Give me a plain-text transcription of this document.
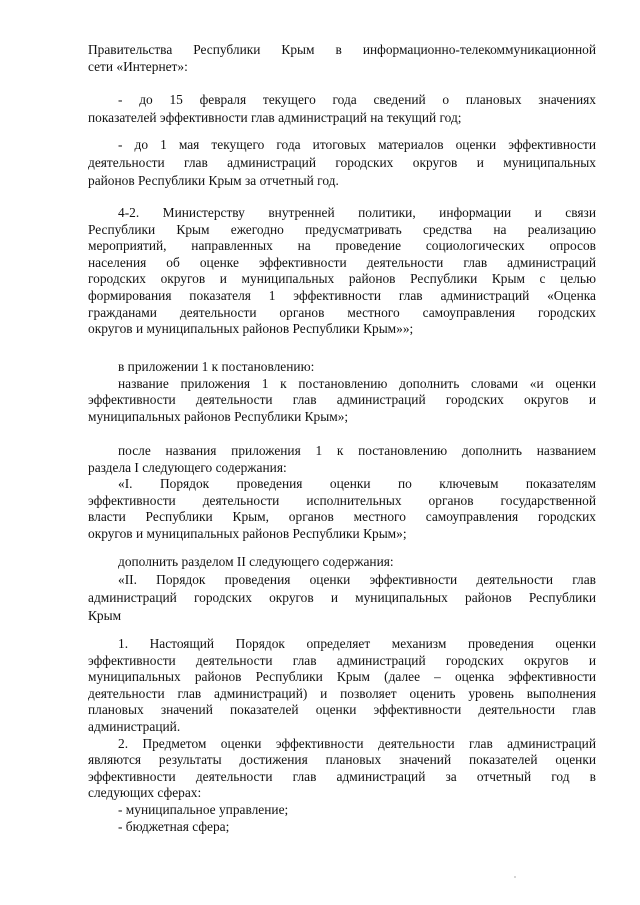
Правительства Республики Крым в информационно-телекоммуникационной
сети «Интернет»:
- до 15 февраля текущего года сведений о плановых значениях
показателей эффективности глав администраций на текущий год;
- до 1 мая текущего года итоговых материалов оценки эффективности
деятельности глав администраций городских округов и муниципальных
районов Республики Крым за отчетный год.
4-2. Министерству внутренней политики, информации и связи
Республики Крым ежегодно предусматривать средства на реализацию
мероприятий, направленных на проведение социологических опросов
населения об оценке эффективности деятельности глав администраций
городских округов и муниципальных районов Республики Крым с целью
формирования показателя 1 эффективности глав администраций «Оценка
гражданами деятельности органов местного самоуправления городских
округов и муниципальных районов Республики Крым»»;
в приложении 1 к постановлению:
название приложения 1 к постановлению дополнить словами «и оценки
эффективности деятельности глав администраций городских округов и
муниципальных районов Республики Крым»;
после названия приложения 1 к постановлению дополнить названием
раздела I следующего содержания:
«I. Порядок проведения оценки по ключевым показателям
эффективности деятельности исполнительных органов государственной
власти Республики Крым, органов местного самоуправления городских
округов и муниципальных районов Республики Крым»;
дополнить разделом II следующего содержания:
«II. Порядок проведения оценки эффективности деятельности глав
администраций городских округов и муниципальных районов Республики
Крым
1. Настоящий Порядок определяет механизм проведения оценки
эффективности деятельности глав администраций городских округов и
муниципальных районов Республики Крым (далее – оценка эффективности
деятельности глав администраций) и позволяет оценить уровень выполнения
плановых значений показателей оценки эффективности деятельности глав
администраций.
2. Предметом оценки эффективности деятельности глав администраций
являются результаты достижения плановых значений показателей оценки
эффективности деятельности глав администраций за отчетный год в
следующих сферах:
- муниципальное управление;
- бюджетная сфера;
